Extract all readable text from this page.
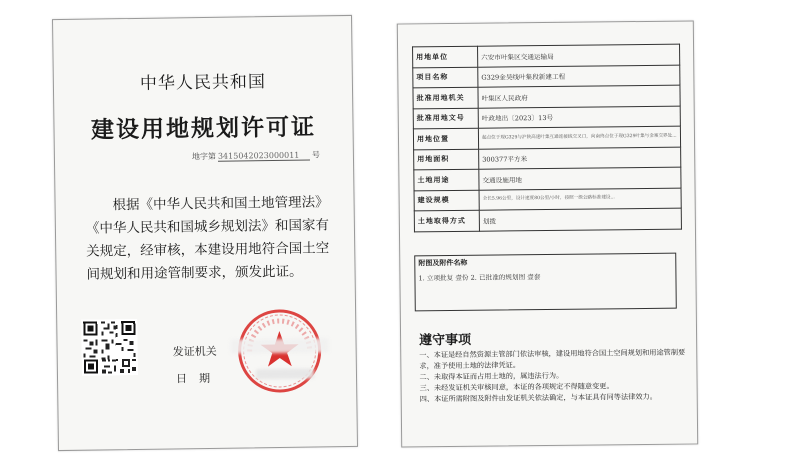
中华人民共和国
建设用地规划许可证
地字第 3415042023000011 号
根据《中华人民共和国土地管理法》《中华人民共和国城乡规划法》和国家有关规定，经审核，本建设用地符合国土空间规划和用途管制要求，颁发此证。
发证机关
日期
用地单位	六安市叶集区交通运输局
项目名称	G329金吴线叶集段新建工程
批准用地机关	叶集区人民政府
批准用地文号	叶政地出〔2023〕13号
用地位置	起点位于现G329与沪陕高速叶集互通连接线交叉口，向南终点位于现G329叶集与金寨交界处...
用地面积	300377平方米
土地用途	交通设施用地
建设规模	全长5.96公里，设计速度80公里/小时，按照一级公路标准建设...
土地取得方式	划拨
附图及附件名称
1. 立项批复 壹份 2. 已批准的规划图 壹套
遵守事项
一、本证是经自然资源主管部门依法审核，建设用地符合国土空间规划和用途管制要求，准予使用土地的法律凭证。
二、未取得本证而占用土地的，属违法行为。
三、未经发证机关审核同意，本证的各项规定不得随意变更。
四、本证所需附图及附件由发证机关依法确定，与本证具有同等法律效力。
